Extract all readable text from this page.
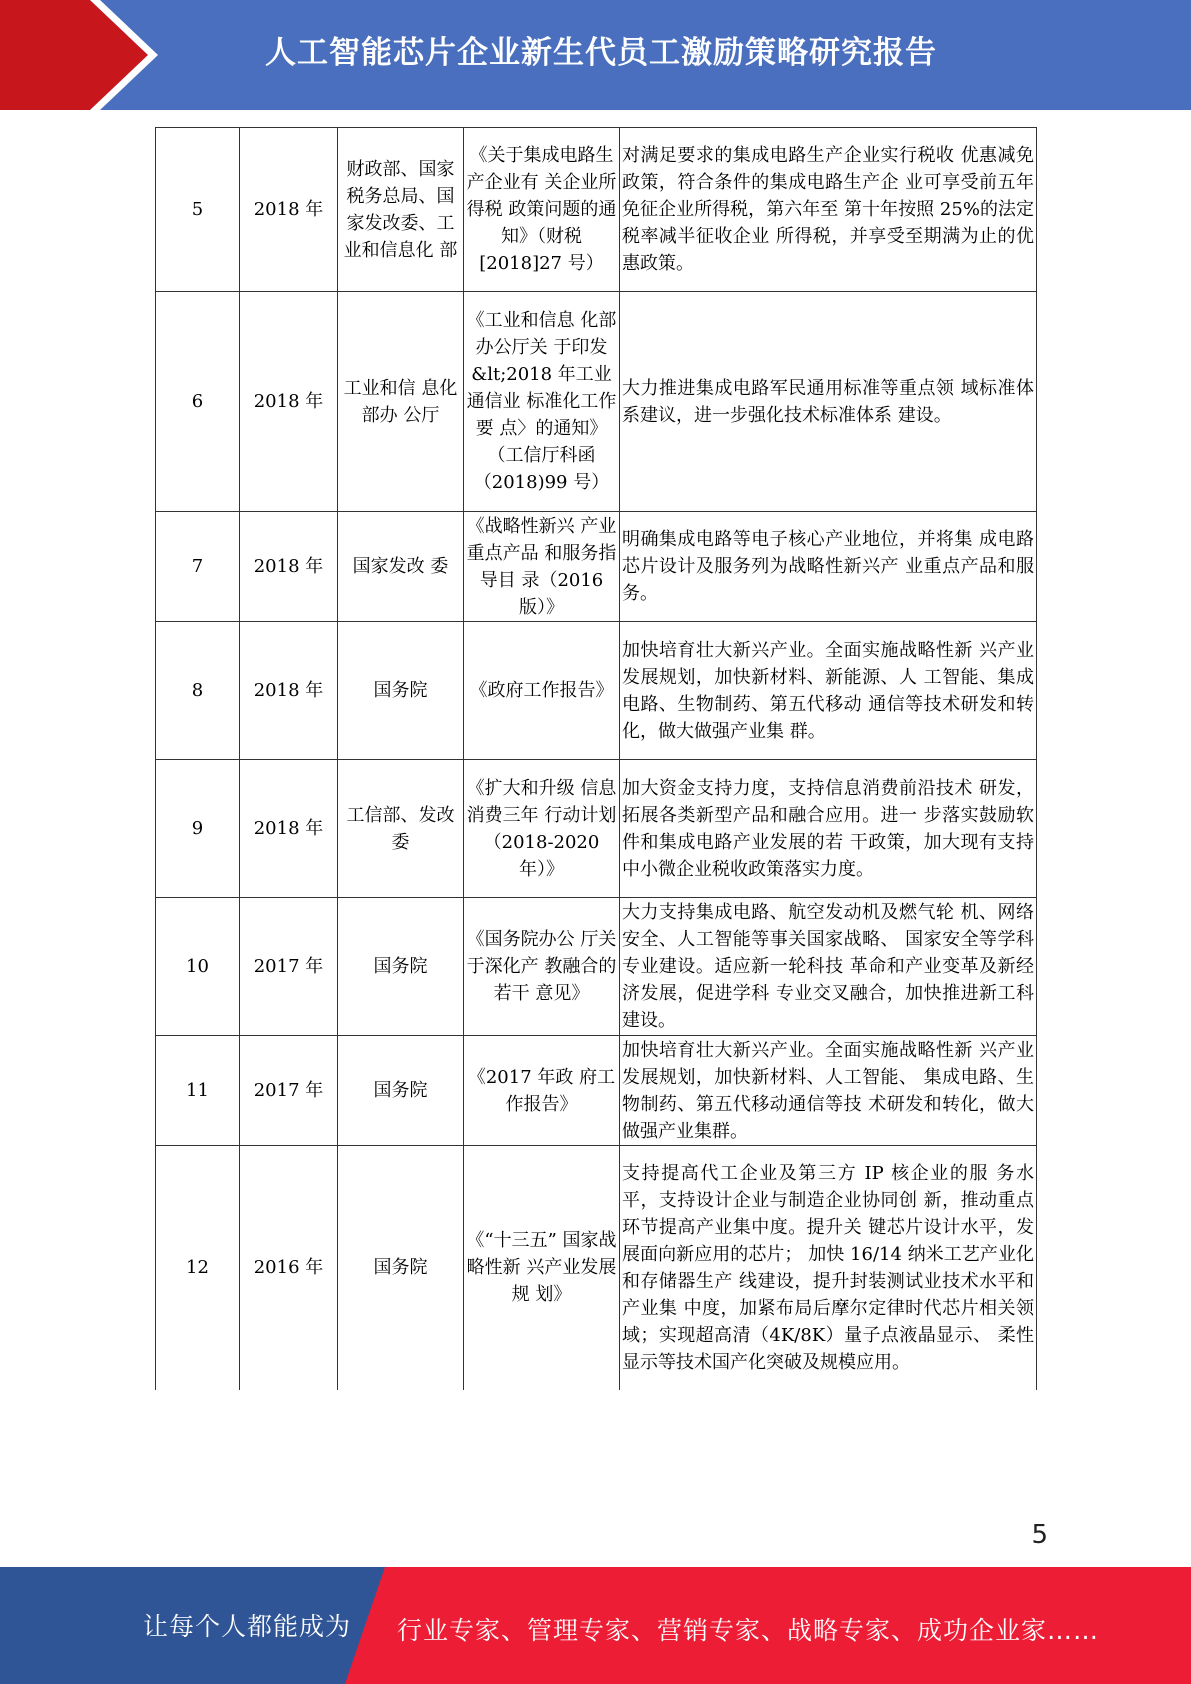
人工智能芯片企业新生代员工激励策略研究报告
5	2018 年	财政部、国家税务总局、国家发改委、工业和信息化 部	《关于集成电路生产企业有 关企业所得税 政策问题的通 知》（财税[2018]27 号）	对满足要求的集成电路生产企业实行税收 优惠减免政策，符合条件的集成电路生产企 业可享受前五年免征企业所得税，第六年至 第十年按照 25%的法定税率减半征收企业 所得税，并享受至期满为止的优惠政策。
6	2018 年	工业和信 息化部办 公厅	《工业和信息 化部办公厅关 于印发&lt;2018 年工业通信业 标准化工作要 点〉的通知》 （工信厅科函 （2018)99 号）	大力推进集成电路军民通用标准等重点领 域标准体系建议，进一步强化技术标准体系 建设。
7	2018 年	国家发改 委	《战略性新兴 产业重点产品 和服务指导目 录（2016 版）》	明确集成电路等电子核心产业地位，并将集 成电路芯片设计及服务列为战略性新兴产 业重点产品和服务。
8	2018 年	国务院	《政府工作报告》	加快培育壮大新兴产业。全面实施战略性新 兴产业发展规划，加快新材料、新能源、人 工智能、集成电路、生物制药、第五代移动 通信等技术研发和转化，做大做强产业集 群。
9	2018 年	工信部、发改委	《扩大和升级 信息消费三年 行动计划（2018-2020 年）》	加大资金支持力度，支持信息消费前沿技术 研发，拓展各类新型产品和融合应用。进一 步落实鼓励软件和集成电路产业发展的若 干政策，加大现有支持中小微企业税收政策落实力度。
10	2017 年	国务院	《国务院办公 厅关于深化产 教融合的若干 意见》	大力支持集成电路、航空发动机及燃气轮 机、网络安全、人工智能等事关国家战略、 国家安全等学科专业建设。适应新一轮科技 革命和产业变革及新经济发展，促进学科 专业交叉融合，加快推进新工科建设。
11	2017 年	国务院	《2017 年政 府工作报告》	加快培育壮大新兴产业。全面实施战略性新 兴产业发展规划，加快新材料、人工智能、 集成电路、生物制药、第五代移动通信等技 术研发和转化，做大做强产业集群。
12	2016 年	国务院	《“十三五” 国家战略性新 兴产业发展规 划》	支持提高代工企业及第三方 IP 核企业的服 务水平，支持设计企业与制造企业协同创 新，推动重点环节提高产业集中度。提升关 键芯片设计水平，发展面向新应用的芯片； 加快 16/14 纳米工艺产业化和存储器生产 线建设，提升封装测试业技术水平和产业集 中度，加紧布局后摩尔定律时代芯片相关领 域；实现超高清（4K/8K）量子点液晶显示、 柔性显示等技术国产化突破及规模应用。
5
让每个人都能成为 行业专家、管理专家、营销专家、战略专家、成功企业家……
